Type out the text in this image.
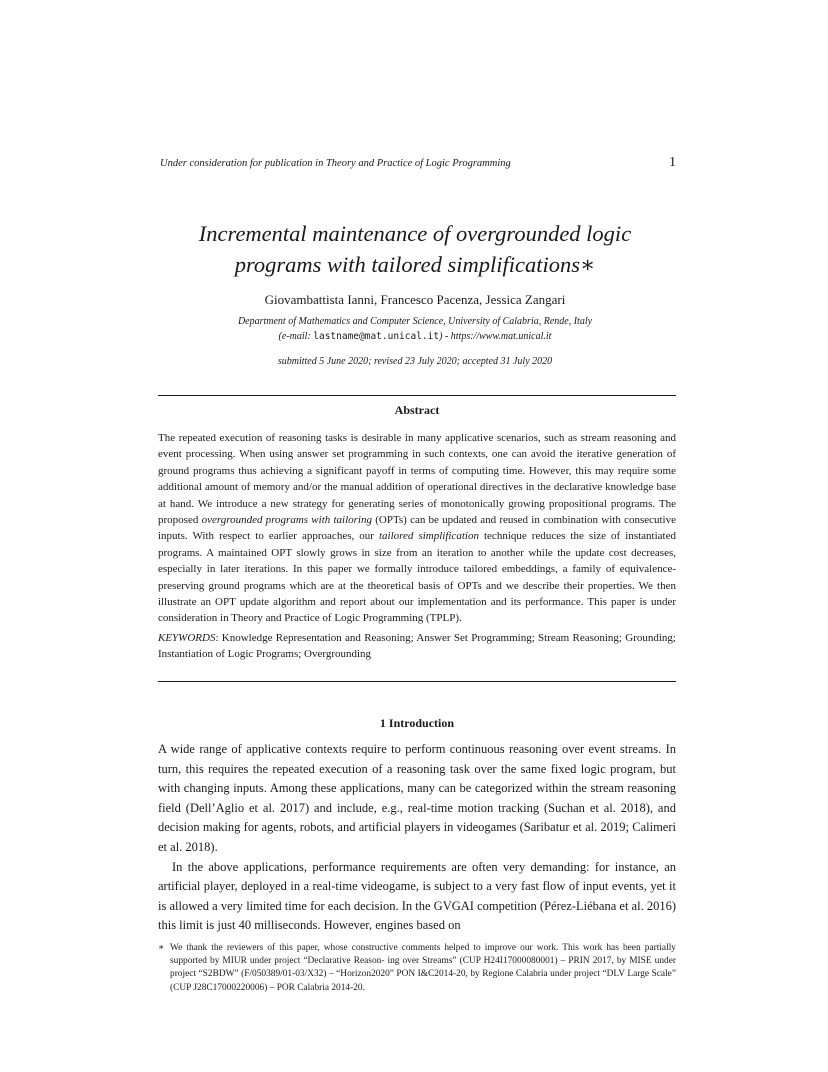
Under consideration for publication in Theory and Practice of Logic Programming	1
Incremental maintenance of overgrounded logic
programs with tailored simplifications∗
Giovambattista Ianni, Francesco Pacenza, Jessica Zangari
Department of Mathematics and Computer Science, University of Calabria, Rende, Italy
(e-mail: lastname@mat.unical.it) - https://www.mat.unical.it
submitted 5 June 2020; revised 23 July 2020; accepted 31 July 2020
Abstract
The repeated execution of reasoning tasks is desirable in many applicative scenarios, such as stream reasoning and event processing. When using answer set programming in such contexts, one can avoid the iterative generation of ground programs thus achieving a significant payoff in terms of computing time. However, this may require some additional amount of memory and/or the manual addition of operational directives in the declarative knowledge base at hand. We introduce a new strategy for generating series of monotonically growing propositional programs. The proposed overgrounded programs with tailoring (OPTs) can be updated and reused in combination with consecutive inputs. With respect to earlier approaches, our tailored simplification technique reduces the size of instantiated programs. A maintained OPT slowly grows in size from an iteration to another while the update cost decreases, especially in later iterations. In this paper we formally introduce tailored embeddings, a family of equivalence-preserving ground programs which are at the theoretical basis of OPTs and we describe their properties. We then illustrate an OPT update algorithm and report about our implementation and its performance. This paper is under consideration in Theory and Practice of Logic Programming (TPLP).
KEYWORDS: Knowledge Representation and Reasoning; Answer Set Programming; Stream Reasoning; Grounding; Instantiation of Logic Programs; Overgrounding
1 Introduction

A wide range of applicative contexts require to perform continuous reasoning over event streams. In turn, this requires the repeated execution of a reasoning task over the same fixed logic program, but with changing inputs. Among these applications, many can be categorized within the stream reasoning field (Dell’Aglio et al. 2017) and include, e.g., real-time motion tracking (Suchan et al. 2018), and decision making for agents, robots, and artificial players in videogames (Saribatur et al. 2019; Calimeri et al. 2018).

In the above applications, performance requirements are often very demanding: for instance, an artificial player, deployed in a real-time videogame, is subject to a very fast flow of input events, yet it is allowed a very limited time for each decision. In the GVGAI competition (Pérez-Liébana et al. 2016) this limit is just 40 milliseconds. However, engines based on

∗ We thank the reviewers of this paper, whose constructive comments helped to improve our work. This work has been partially supported by MIUR under project “Declarative Reason- ing over Streams” (CUP H24I17000080001) – PRIN 2017, by MISE under project “S2BDW” (F/050389/01-03/X32) – “Horizon2020” PON I&C2014-20, by Regione Calabria under project “DLV Large Scale” (CUP J28C17000220006) – POR Calabria 2014-20.
